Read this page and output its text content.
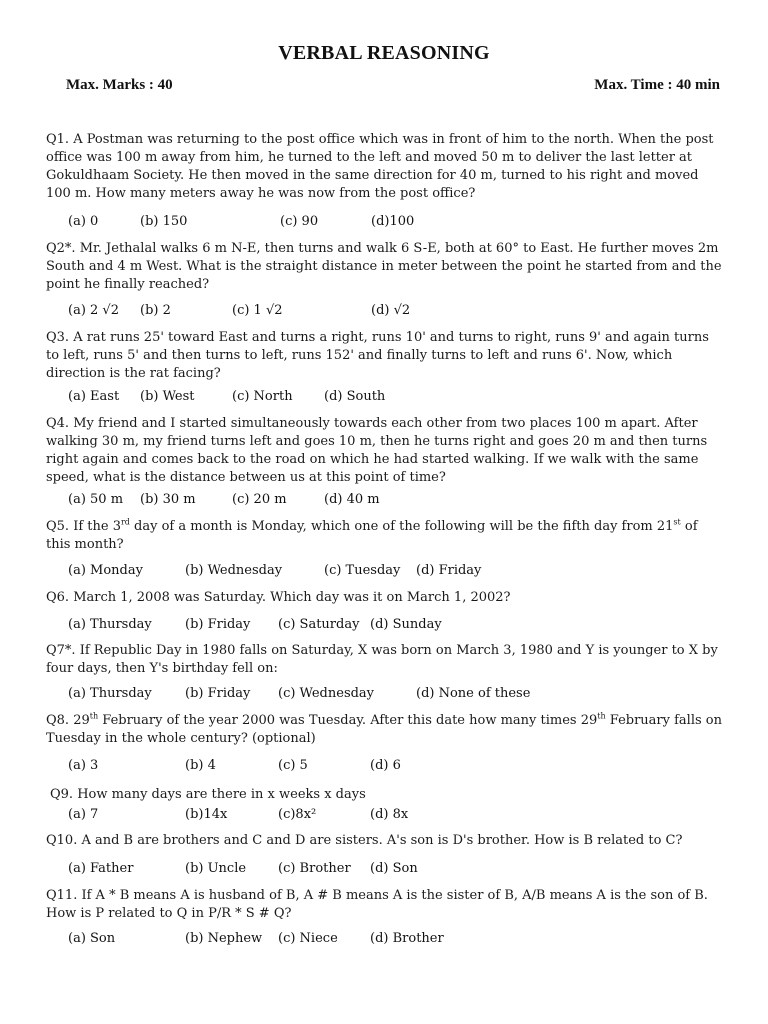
VERBAL REASONING
Max. Marks : 40	Max. Time : 40 min
Q1. A Postman was returning to the post office which was in front of him to the north. When the post office was 100 m away from him, he turned to the left and moved 50 m to deliver the last letter at Gokuldhaam Society. He then moved in the same direction for 40 m, turned to his right and moved 100 m. How many meters away he was now from the post office?
(a) 0	(b) 150	(c) 90	(d)100
Q2*. Mr. Jethalal walks 6 m N-E, then turns and walk 6 S-E, both at 60° to East. He further moves 2m South and 4 m West. What is the straight distance in meter between the point he started from and the point he finally reached?
(a) 2 √2 (b) 2	(c) 1 √2	(d) √2
Q3. A rat runs 25' toward East and turns a right, runs 10' and turns to right, runs 9' and again turns to left, runs 5' and then turns to left, runs 152' and finally turns to left and runs 6'. Now, which direction is the rat facing?
(a) East (b) West	(c) North (d) South
Q4. My friend and I started simultaneously towards each other from two places 100 m apart. After walking 30 m, my friend turns left and goes 10 m, then he turns right and goes 20 m and then turns right again and comes back to the road on which he had started walking. If we walk with the same speed, what is the distance between us at this point of time?
(a) 50 m (b) 30 m	(c) 20 m	(d) 40 m
Q5. If the 3rd day of a month is Monday, which one of the following will be the fifth day from 21st of this month?
(a) Monday	(b) Wednesday	(c) Tuesday (d) Friday
Q6. March 1, 2008 was Saturday. Which day was it on March 1, 2002?
(a) Thursday	(b) Friday (c) Saturday (d) Sunday
Q7*. If Republic Day in 1980 falls on Saturday, X was born on March 3, 1980 and Y is younger to X by four days, then Y's birthday fell on:
(a) Thursday	(b) Friday (c) Wednesday	(d) None of these
Q8. 29th February of the year 2000 was Tuesday. After this date how many times 29th February falls on Tuesday in the whole century? (optional)
(a) 3	(b) 4	(c) 5	(d) 6
Q9. How many days are there in x weeks x days
(a) 7	(b)14x	(c)8x²	(d) 8x
Q10. A and B are brothers and C and D are sisters. A's son is D's brother. How is B related to C?
(a) Father	(b) Uncle (c) Brother (d) Son
Q11. If A * B means A is husband of B, A # B means A is the sister of B, A/B means A is the son of B. How is P related to Q in P/R * S # Q?
(a) Son	(b) Nephew (c) Niece (d) Brother
